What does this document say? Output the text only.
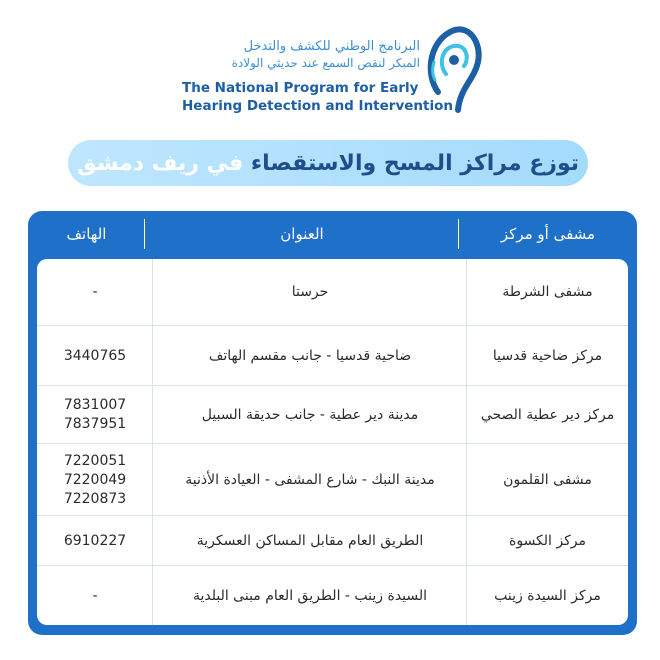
البرنامج الوطني للكشف والتدخل
المبكر لنقص السمع عند حديثي الولادة
The National Program for Early
Hearing Detection and Intervention
توزع مراكز المسح والاستقصاء

في ريف دمشق
مشفى أو مركز
العنوان
الهاتف
مشفى الشرطة
حرستا
-
مركز ضاحية قدسيا
ضاحية قدسيا - جانب مقسم الهاتف
3440765
مركز دير عطية الصحي
مدينة دير عطية - جانب حديقة السبيل
7831007
7837951
مشفى القلمون
مدينة النبك - شارع المشفى - العيادة الأذنية
7220051
7220049
7220873
مركز الكسوة
الطريق العام مقابل المساكن العسكرية
6910227
مركز السيدة زينب
السيدة زينب - الطريق العام مبنى البلدية
-
